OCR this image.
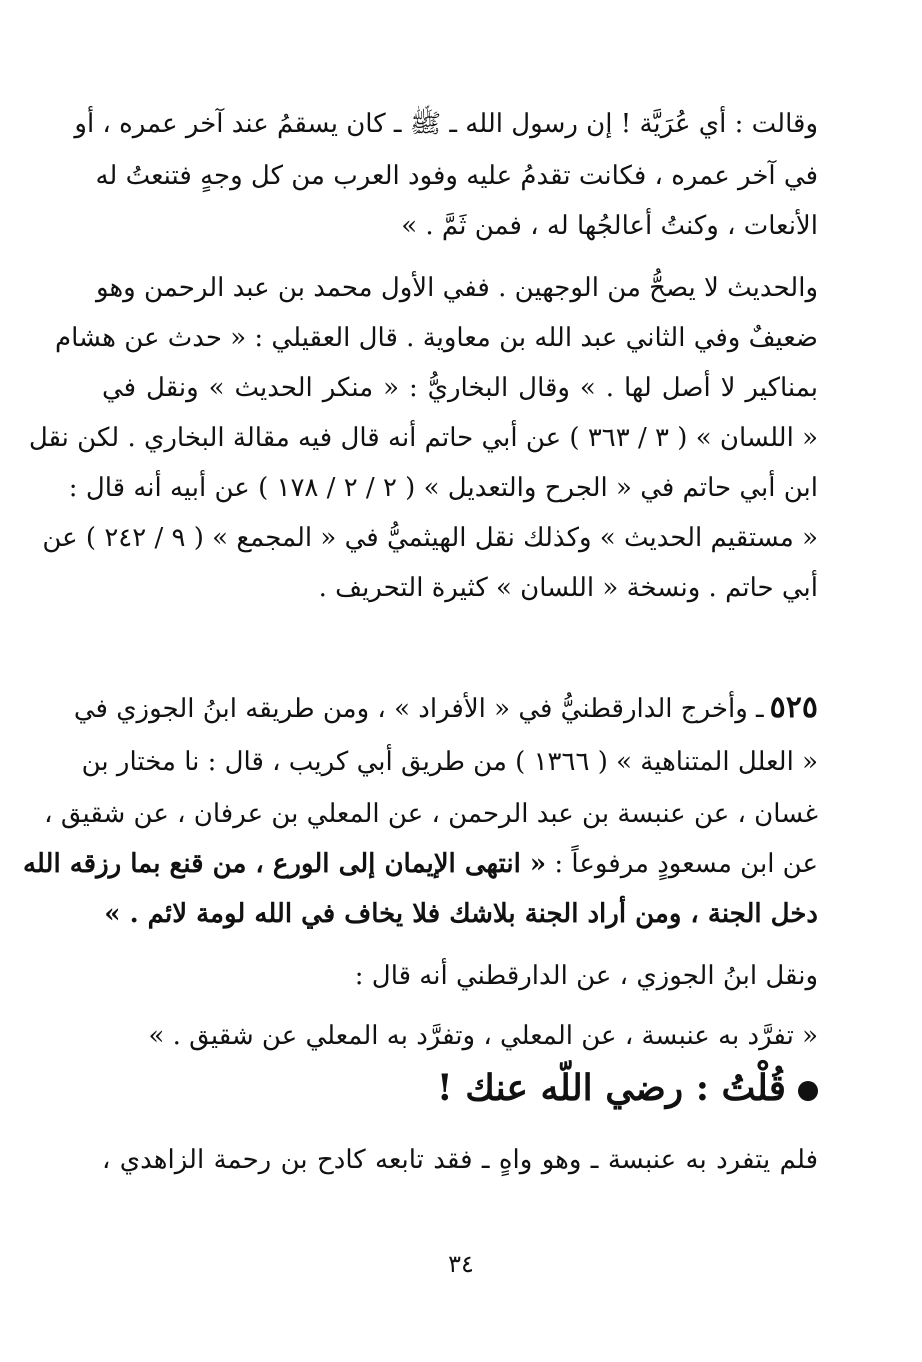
وقالت : أي عُرَيَّة ! إن رسول الله ـ ﷺ ـ كان يسقمُ عند آخر عمره ، أو
في آخر عمره ، فكانت تقدمُ عليه وفود العرب من كل وجهٍ فتنعتُ له
الأنعات ، وكنتُ أعالجُها له ، فمن ثَمَّ . »
والحديث لا يصحُّ من الوجهين . ففي الأول محمد بن عبد الرحمن وهو
ضعيفٌ وفي الثاني عبد الله بن معاوية . قال العقيلي : « حدث عن هشام
بمناكير لا أصل لها . » وقال البخاريُّ : « منكر الحديث » ونقل في
« اللسان » ( ٣ / ٣٦٣ ) عن أبي حاتم أنه قال فيه مقالة البخاري . لكن نقل
ابن أبي حاتم في « الجرح والتعديل » ( ٢ / ٢ / ١٧٨ ) عن أبيه أنه قال :
« مستقيم الحديث » وكذلك نقل الهيثميُّ في « المجمع » ( ٩ / ٢٤٢ ) عن
أبي حاتم . ونسخة « اللسان » كثيرة التحريف .
٥٢٥ـ وأخرج الدارقطنيُّ في « الأفراد » ، ومن طريقه ابنُ الجوزي في
« العلل المتناهية » ( ١٣٦٦ ) من طريق أبي كريب ، قال : نا مختار بن
غسان ، عن عنبسة بن عبد الرحمن ، عن المعلي بن عرفان ، عن شقيق ،
عن ابن مسعودٍ مرفوعاً : « انتهى الإيمان إلى الورع ، من قنع بما رزقه الله
دخل الجنة ، ومن أراد الجنة بلاشك فلا يخاف في الله لومة لائم . »
ونقل ابنُ الجوزي ، عن الدارقطني أنه قال :
« تفرَّد به عنبسة ، عن المعلي ، وتفرَّد به المعلي عن شقيق . »
قُلْتُ : رضي اللّه عنك !
فلم يتفرد به عنبسة ـ وهو واهٍ ـ فقد تابعه كادح بن رحمة الزاهدي ،
٣٤
